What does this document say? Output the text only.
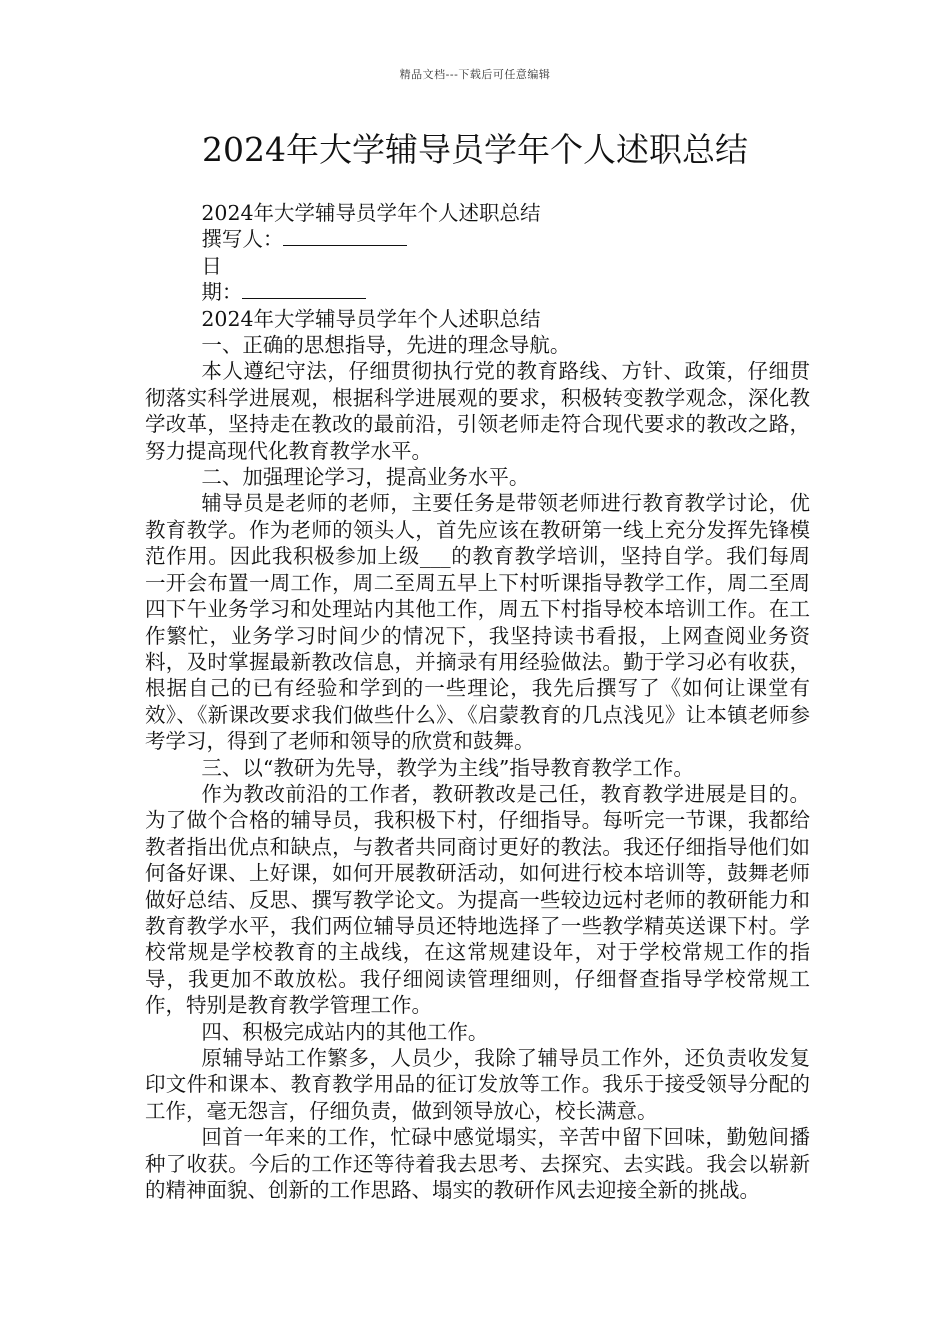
精品文档---下载后可任意编辑
2024年大学辅导员学年个人述职总结

2024年大学辅导员学年个人述职总结

撰写人：

日

期：

2024年大学辅导员学年个人述职总结

一、正确的思想指导，先进的理念导航。

本人遵纪守法，仔细贯彻执行党的教育路线、方针、政策，仔细贯彻落实科学进展观，根据科学进展观的要求，积极转变教学观念，深化教学改革，坚持走在教改的最前沿，引领老师走符合现代要求的教改之路，努力提高现代化教育教学水平。

二、加强理论学习，提高业务水平。

辅导员是老师的老师，主要任务是带领老师进行教育教学讨论，优教育教学。作为老师的领头人，首先应该在教研第一线上充分发挥先锋模范作用。因此我积极参加上级___的教育教学培训，坚持自学。我们每周一开会布置一周工作，周二至周五早上下村听课指导教学工作，周二至周四下午业务学习和处理站内其他工作，周五下村指导校本培训工作。在工作繁忙，业务学习时间少的情况下，我坚持读书看报，上网查阅业务资料，及时掌握最新教改信息，并摘录有用经验做法。勤于学习必有收获，根据自己的已有经验和学到的一些理论，我先后撰写了《如何让课堂有效》、《新课改要求我们做些什么》、《启蒙教育的几点浅见》让本镇老师参考学习，得到了老师和领导的欣赏和鼓舞。

三、以“教研为先导，教学为主线”指导教育教学工作。

作为教改前沿的工作者，教研教改是己任，教育教学进展是目的。为了做个合格的辅导员，我积极下村，仔细指导。每听完一节课，我都给教者指出优点和缺点，与教者共同商讨更好的教法。我还仔细指导他们如何备好课、上好课，如何开展教研活动，如何进行校本培训等，鼓舞老师做好总结、反思、撰写教学论文。为提高一些较边远村老师的教研能力和教育教学水平，我们两位辅导员还特地选择了一些教学精英送课下村。学校常规是学校教育的主战线，在这常规建设年，对于学校常规工作的指导，我更加不敢放松。我仔细阅读管理细则，仔细督查指导学校常规工作，特别是教育教学管理工作。

四、积极完成站内的其他工作。

原辅导站工作繁多，人员少，我除了辅导员工作外，还负责收发复印文件和课本、教育教学用品的征订发放等工作。我乐于接受领导分配的工作，毫无怨言，仔细负责，做到领导放心，校长满意。

回首一年来的工作，忙碌中感觉塌实，辛苦中留下回味，勤勉间播种了收获。今后的工作还等待着我去思考、去探究、去实践。我会以崭新的精神面貌、创新的工作思路、塌实的教研作风去迎接全新的挑战。
